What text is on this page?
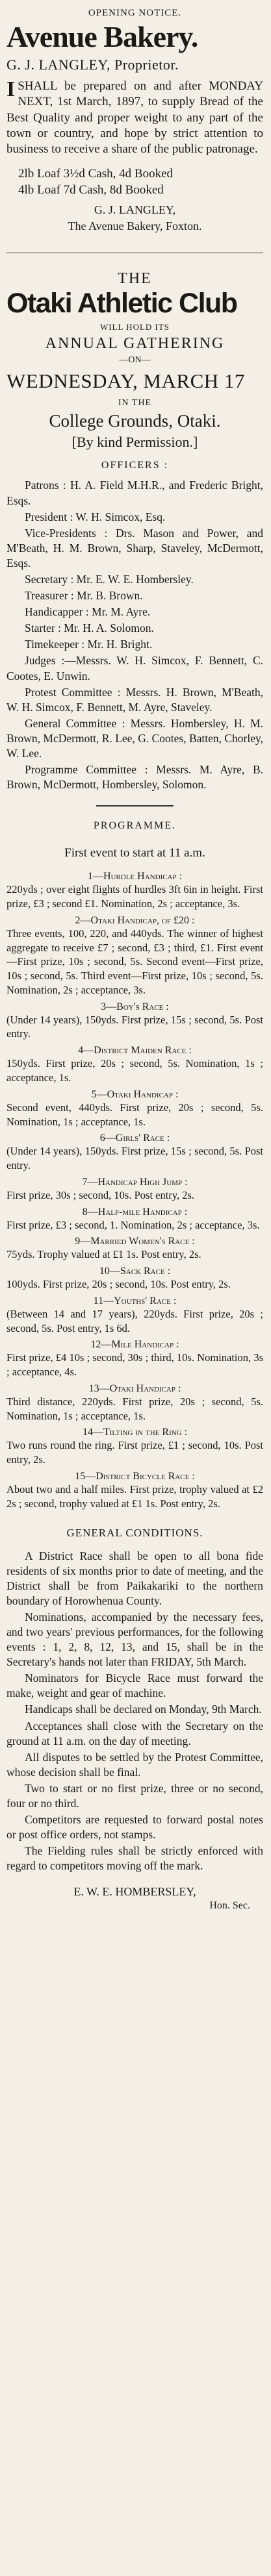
OPENING NOTICE.
Avenue Bakery.
G. J. LANGLEY, Proprietor.
I SHALL be prepared on and after MONDAY NEXT, 1st March, 1897, to supply Bread of the Best Quality and proper weight to any part of the town or country, and hope by strict attention to business to receive a share of the public patronage.

2lb Loaf 3½d Cash, 4d Booked
4lb Loaf 7d Cash, 8d Booked
G. J. LANGLEY,
The Avenue Bakery, Foxton.
THE
Otaki Athletic Club
WILL HOLD ITS
ANNUAL GATHERING
—ON—
WEDNESDAY, MARCH 17
IN THE
College Grounds, Otaki.
[By kind Permission.]
OFFICERS :

Patrons : H. A. Field M.H.R., and Frederic Bright, Esqs.

President : W. H. Simcox, Esq.

Vice-Presidents : Drs. Mason and Power, and M'Beath, H. M. Brown, Sharp, Staveley, McDermott, Esqs.

Secretary : Mr. E. W. E. Hombersley.

Treasurer : Mr. B. Brown.

Handicapper : Mr. M. Ayre.

Starter : Mr. H. A. Solomon.

Timekeeper : Mr. H. Bright.

Judges :—Messrs. W. H. Simcox, F. Bennett, C. Cootes, E. Unwin.

Protest Committee : Messrs. H. Brown, M'Beath, W. H. Simcox, F. Bennett, M. Ayre, Staveley.

General Committee : Messrs. Hombersley, H. M. Brown, McDermott, R. Lee, G. Cootes, Batten, Chorley, W. Lee.

Programme Committee : Messrs. M. Ayre, B. Brown, McDermott, Hombersley, Solomon.

PROGRAMME.
First event to start at 11 a.m.
1—Hurdle Handicap :
220yds ; over eight flights of hurdles 3ft 6in in height. First prize, £3 ; second £1. Nomination, 2s ; acceptance, 3s.
2—Otaki Handicap, of £20 :
Three events, 100, 220, and 440yds. The winner of highest aggregate to receive £7 ; second, £3 ; third, £1. First event—First prize, 10s ; second, 5s. Second event—First prize, 10s ; second, 5s. Third event—First prize, 10s ; second, 5s. Nomination, 2s ; acceptance, 3s.
3—Boy's Race :
(Under 14 years), 150yds. First prize, 15s ; second, 5s. Post entry.
4—District Maiden Race :
150yds. First prize, 20s ; second, 5s. Nomination, 1s ; acceptance, 1s.
5—Otaki Handicap :
Second event, 440yds. First prize, 20s ; second, 5s. Nomination, 1s ; acceptance, 1s.
6—Girls' Race :
(Under 14 years), 150yds. First prize, 15s ; second, 5s. Post entry.
7—Handicap High Jump :
First prize, 30s ; second, 10s. Post entry, 2s.
8—Half-mile Handicap :
First prize, £3 ; second, 1. Nomination, 2s ; acceptance, 3s.
9—Married Women's Race :
75yds. Trophy valued at £1 1s. Post entry, 2s.
10—Sack Race :
100yds. First prize, 20s ; second, 10s. Post entry, 2s.
11—Youths' Race :
(Between 14 and 17 years), 220yds. First prize, 20s ; second, 5s. Post entry, 1s 6d.
12—Mile Handicap :
First prize, £4 10s ; second, 30s ; third, 10s. Nomination, 3s ; acceptance, 4s.
13—Otaki Handicap :
Third distance, 220yds. First prize, 20s ; second, 5s. Nomination, 1s ; acceptance, 1s.
14—Tilting in the Ring :
Two runs round the ring. First prize, £1 ; second, 10s. Post entry, 2s.
15—District Bicycle Race :
About two and a half miles. First prize, trophy valued at £2 2s ; second, trophy valued at £1 1s. Post entry, 2s.
GENERAL CONDITIONS.

A District Race shall be open to all bona fide residents of six months prior to date of meeting, and the District shall be from Paikakariki to the northern boundary of Horowhenua County.

Nominations, accompanied by the necessary fees, and two years' previous performances, for the following events : 1, 2, 8, 12, 13, and 15, shall be in the Secretary's hands not later than FRIDAY, 5th March.

Nominators for Bicycle Race must forward the make, weight and gear of machine.

Handicaps shall be declared on Monday, 9th March.

Acceptances shall close with the Secretary on the ground at 11 a.m. on the day of meeting.

All disputes to be settled by the Protest Committee, whose decision shall be final.

Two to start or no first prize, three or no second, four or no third.

Competitors are requested to forward postal notes or post office orders, not stamps.

The Fielding rules shall be strictly enforced with regard to competitors moving off the mark.

E. W. E. HOMBERSLEY,
Hon. Sec.
